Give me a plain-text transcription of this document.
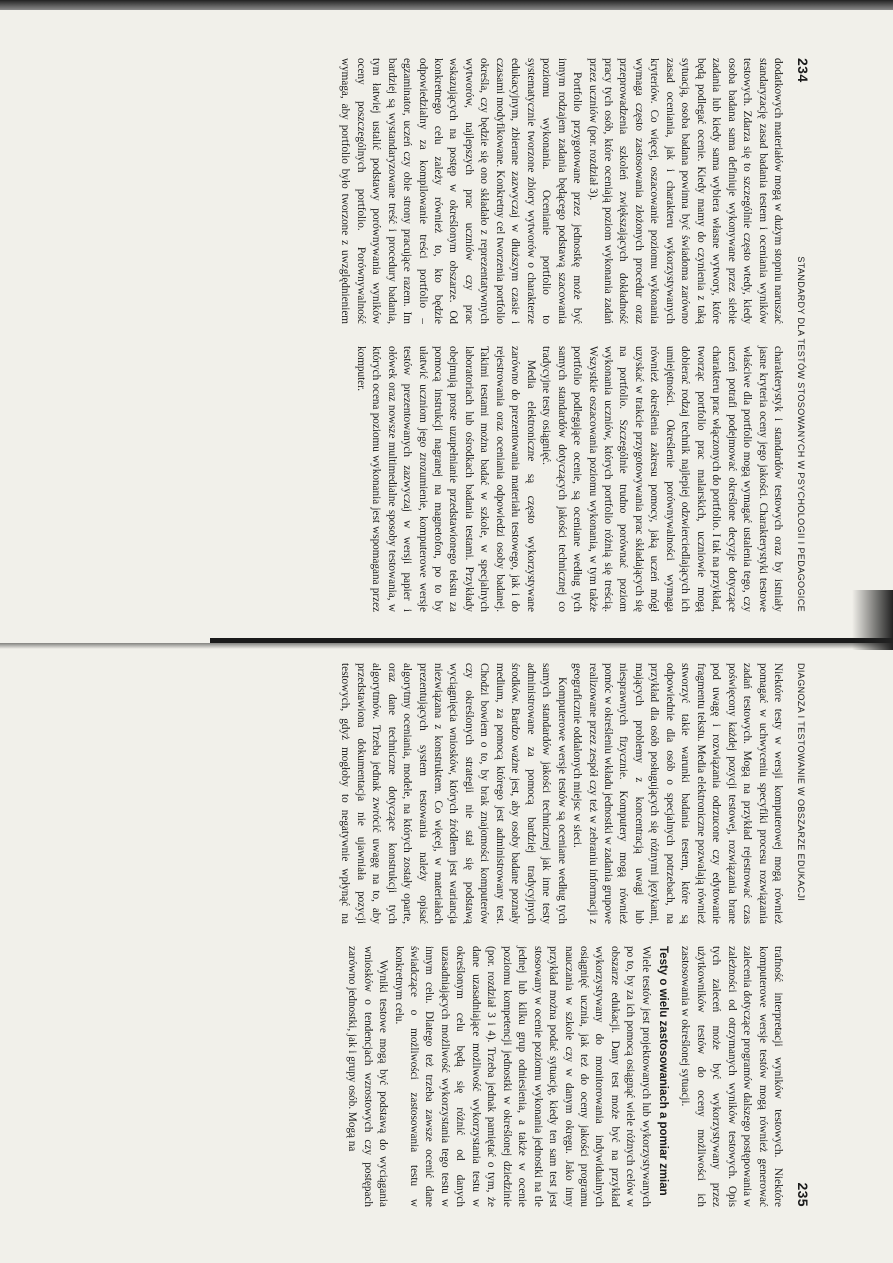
234
STANDARDY DLA TESTÓW STOSOWANYCH W PSYCHOLOGII I PEDAGOGICE

dodatkowych materiałów mogą w dużym stopniu naruszać standaryzację zasad badania testem i oceniania wyników testowych. Zdarza się to szczególnie często wtedy, kiedy osoba badana sama definiuje wykonywane przez siebie zadania lub kiedy sama wybiera własne wytwory, które będą podlegać ocenie. Kiedy mamy do czynienia z taką sytuacją, osoba badana powinna być świadoma zarówno zasad oceniania, jak i charakteru wykorzystywanych kryteriów. Co więcej, oszacowanie poziomu wykonania wymaga często zastosowania złożonych procedur oraz przeprowadzenia szkoleń zwiększających dokładność pracy tych osób, które oceniają poziom wykonania zadań przez uczniów (por. rozdział 3).

Portfolio przygotowane przez jednostkę może być innym rodzajem zadania będącego podstawą szacowania poziomu wykonania. Ocenianie portfolio to systematycznie tworzone zbiory wytworów o charakterze edukacyjnym, zbierane zazwyczaj w dłuższym czasie i czasami modyfikowane. Konkretny cel tworzenia portfolio określa, czy będzie się ono składało z reprezentatywnych wytworów, najlepszych prac uczniów czy prac wskazujących na postęp w określonym obszarze. Od konkretnego celu zależy również to, kto będzie odpowiedzialny za kompilowanie treści portfolio – egzaminator, uczeń czy obie strony pracujące razem. Im bardziej są wystandaryzowane treść i procedury badania, tym łatwiej ustalić podstawy porównywania wyników oceny poszczególnych portfolio. Porównywalność wymaga, aby portfolio było tworzone z uwzględnieniem charakterystyk i standardów testowych oraz by istniały jasne kryteria oceny jego jakości. Charakterystyki testowe właściwe dla portfolio mogą wymagać ustalenia tego, czy uczeń potrafi podejmować określone decyzje dotyczące charakteru prac włączonych do portfolio. I tak na przykład, tworząc portfolio prac malarskich, uczniowie mogą dobierać rodzaj technik najlepiej odzwierciedlających ich umiejętności. Określenie porównywalności wymaga również określenia zakresu pomocy, jaką uczeń mógł uzyskać w trakcie przygotowywania prac składających się na portfolio. Szczególnie trudno porównać poziom wykonania uczniów, których portfolio różnią się treścią. Wszystkie oszacowania poziomu wykonania, w tym także portfolio podlegające ocenie, są oceniane według tych samych standardów dotyczących jakości technicznej co tradycyjne testy osiągnięć.

Media elektroniczne są często wykorzystywane zarówno do prezentowania materiału testowego, jak i do rejestrowania oraz oceniania odpowiedzi osoby badanej. Takimi testami można badać w szkole, w specjalnych laboratoriach lub ośrodkach badania testami. Przykłady obejmują proste uzupełnianie przedstawionego tekstu za pomocą instrukcji nagranej na magnetofon, po to by ułatwić uczniom jego zrozumienie, komputerowe wersje testów prezentowanych zazwyczaj w wersji papier i ołówek oraz nowsze multimedialne sposoby testowania, w których ocena poziomu wykonania jest wspomagana przez komputer.

DIAGNOZA I TESTOWANIE W OBSZARZE EDUKACJI
235

Niektóre testy w wersji komputerowej mogą również pomagać w uchwyceniu specyfiki procesu rozwiązania zadań testowych. Mogą na przykład rejestrować czas poświęcony każdej pozycji testowej, rozwiązania brane pod uwagę i rozwiązania odrzucone czy edytowanie fragmentu tekstu. Media elektroniczne pozwalają również stworzyć takie warunki badania testem, które są odpowiednie dla osób o specjalnych potrzebach, na przykład dla osób posługujących się różnymi językami, mających problemy z koncentracją uwagi lub niesprawnych fizycznie. Komputery mogą również pomóc w określeniu wkładu jednostki w zadania grupowe realizowane przez zespół czy też w zebraniu informacji z geograficznie oddalonych miejsc w sieci.

Komputerowe wersje testów są oceniane według tych samych standardów jakości technicznej jak inne testy administrowane za pomocą bardziej tradycyjnych środków. Bardzo ważne jest, aby osoby badane poznały medium, za pomocą którego jest administrowany test. Chodzi bowiem o to, by brak znajomości komputerów czy określonych strategii nie stał się podstawą wyciągnięcia wniosków, których źródłem jest wariancja niezwiązana z konstruktem. Co więcej, w materiałach prezentujących system testowania należy opisać algorytmy oceniania, modele, na których zostały oparte, oraz dane techniczne dotyczące konstrukcji tych algorytmów. Trzeba jednak zwrócić uwagę na to, aby przedstawiona dokumentacja nie ujawniała pozycji testowych, gdyż mogłoby to negatywnie wpłynąć na trafność interpretacji wyników testowych. Niektóre komputerowe wersje testów mogą również generować zalecenia dotyczące programów dalszego postępowania w zależności od otrzymanych wyników testowych. Opis tych zaleceń może być wykorzystywany przez użytkowników testów do oceny możliwości ich zastosowania w określonej sytuacji.

Testy o wielu zastosowaniach a pomiar zmian

Wiele testów jest projektowanych lub wykorzystywanych po to, by za ich pomocą osiągnąć wiele różnych celów w obszarze edukacji. Dany test może być na przykład wykorzystywany do monitorowania indywidualnych osiągnięć ucznia, jak też do oceny jakości programu nauczania w szkole czy w danym okręgu. Jako inny przykład można podać sytuację, kiedy ten sam test jest stosowany w ocenie poziomu wykonania jednostki na tle jednej lub kilku grup odniesienia, a także w ocenie poziomu kompetencji jednostki w określonej dziedzinie (por. rozdział 3 i 4). Trzeba jednak pamiętać o tym, że dane uzasadniające możliwość wykorzystania testu w określonym celu będą się różnić od danych uzasadniających możliwość wykorzystania tego testu w innym celu. Dlatego też trzeba zawsze ocenić dane świadczące o możliwości zastosowania testu w konkretnym celu.

Wyniki testowe mogą być podstawą do wyciągania wniosków o tendencjach wzrostowych czy postępach zarówno jednostki, jak i grupy osób. Mogą na
